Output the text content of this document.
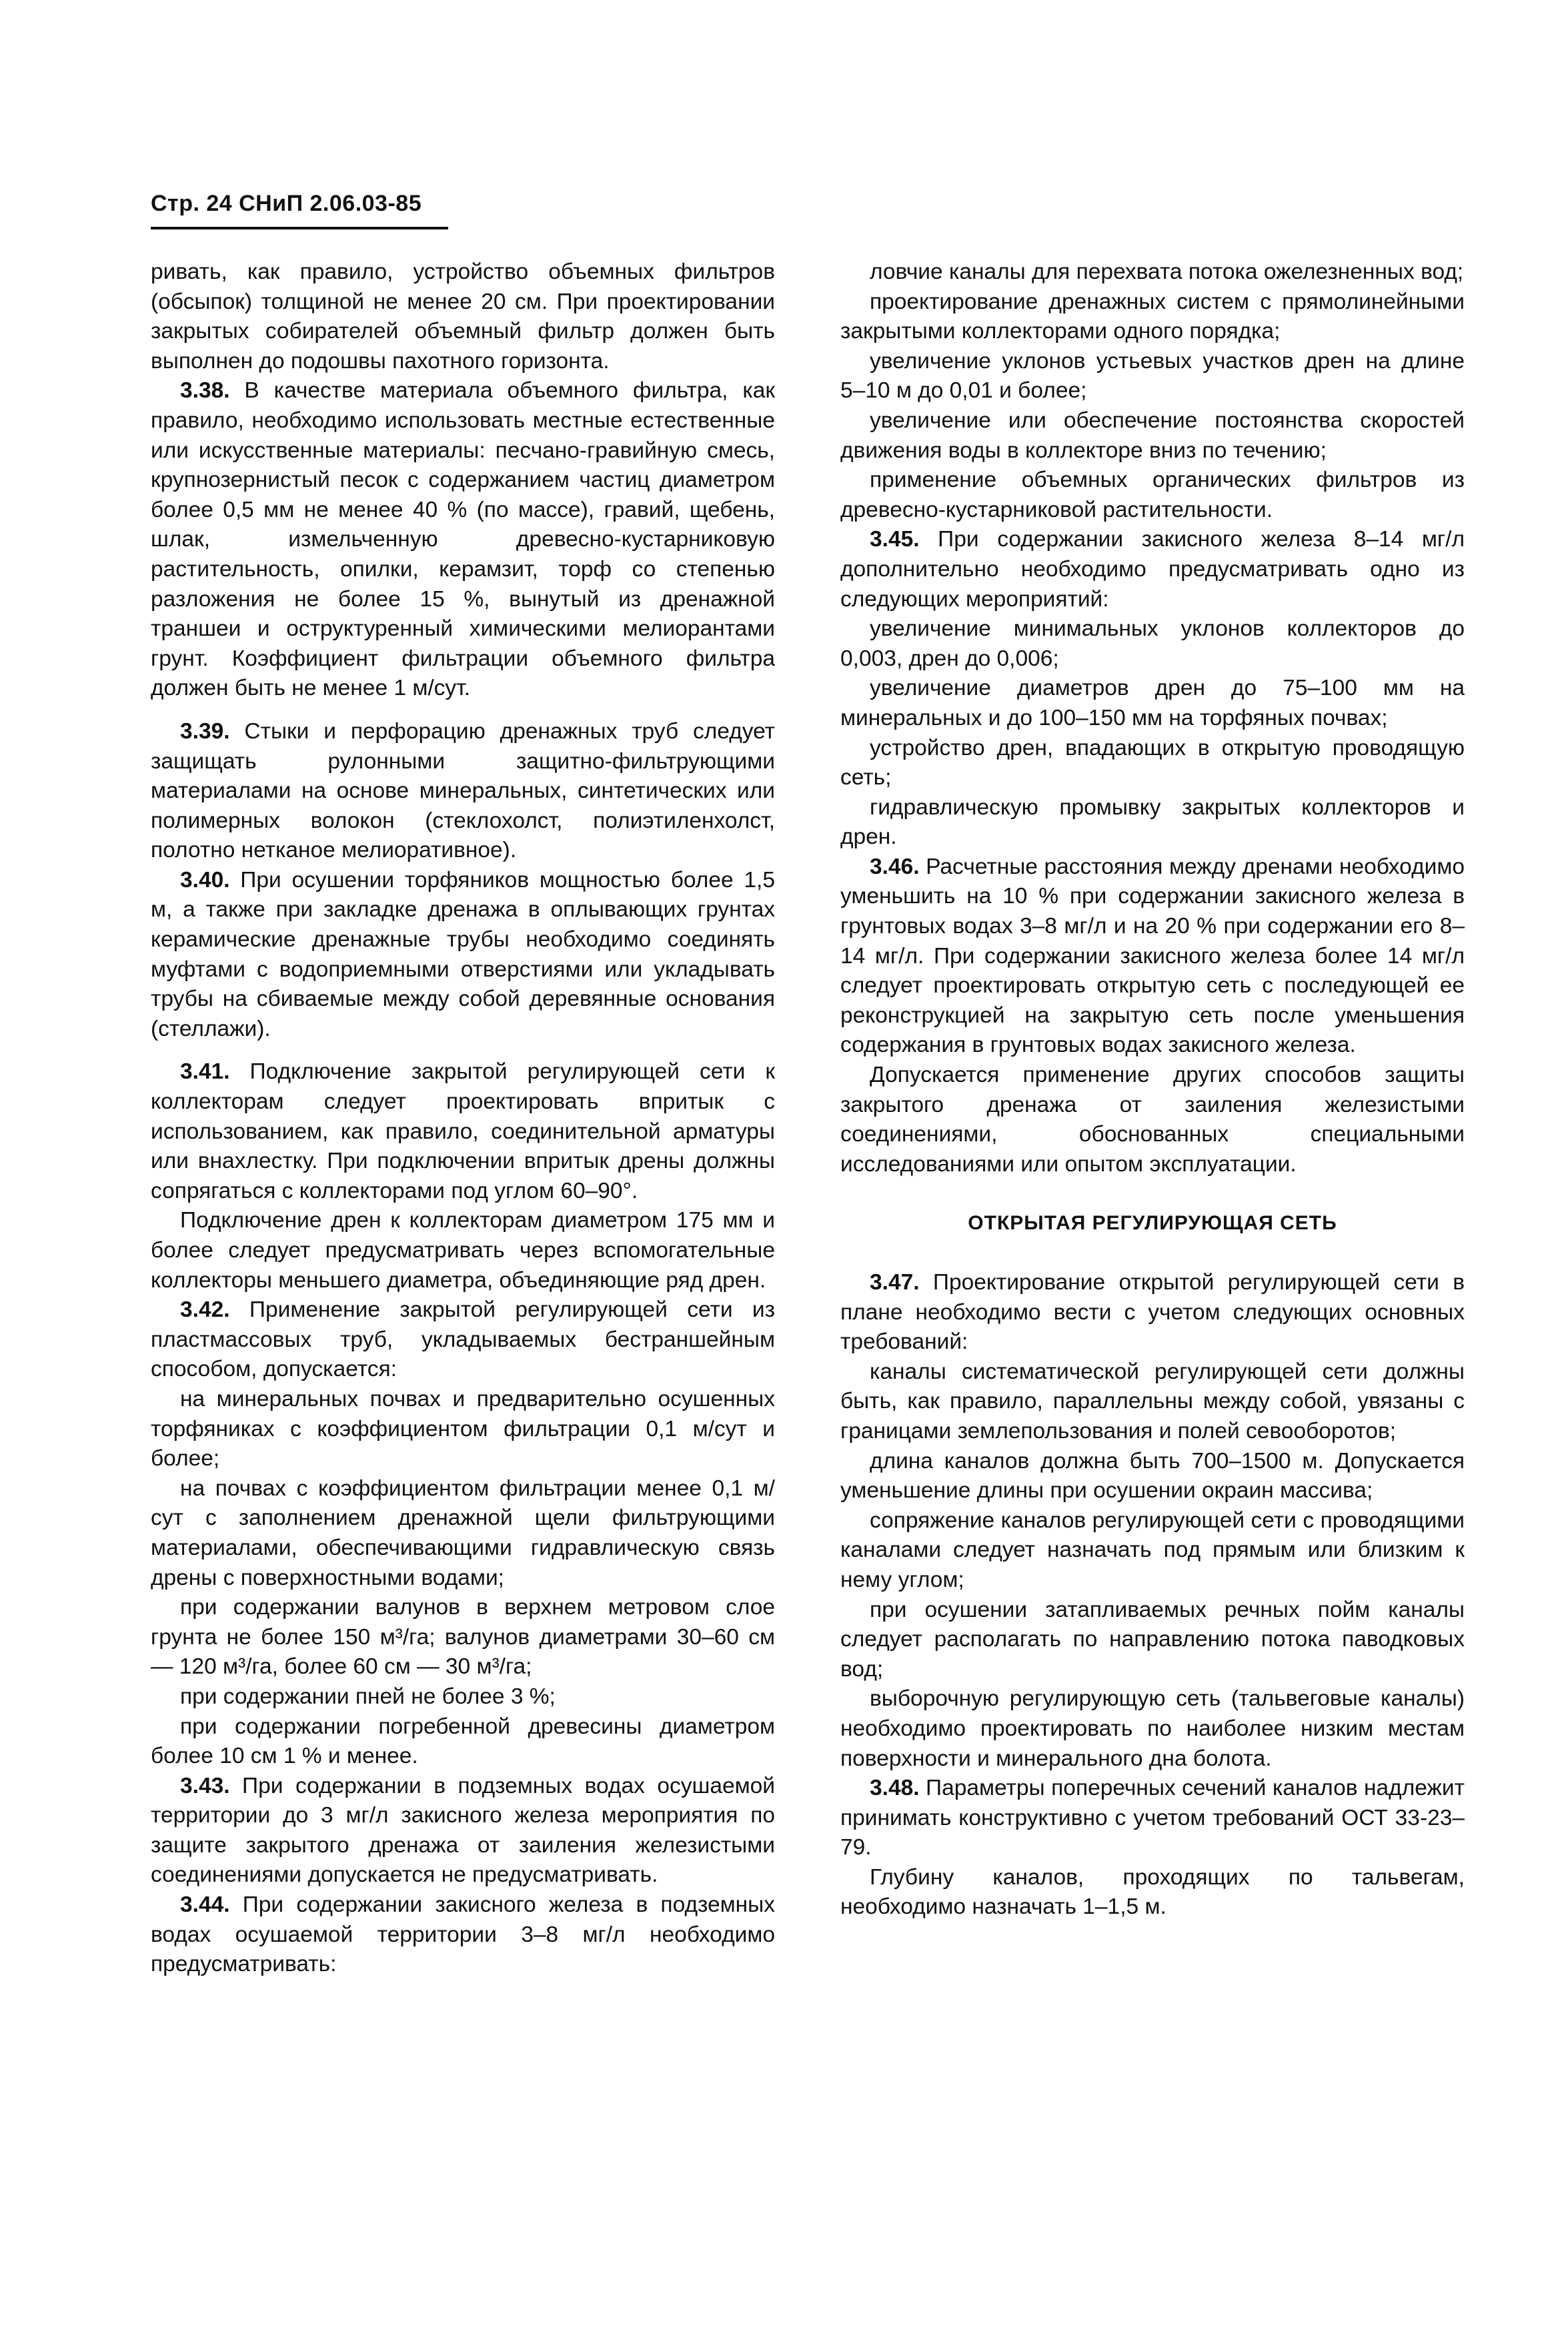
Стр. 24 СНиП 2.06.03-85

ривать, как правило, устройство объемных фильтров (обсыпок) толщиной не менее 20 см. При проектировании закрытых собирателей объемный фильтр должен быть выполнен до подошвы пахотного горизонта.

3.38. В качестве материала объемного фильтра, как правило, необходимо использовать местные естественные или искусственные материалы: песчано-гравийную смесь, крупнозернистый песок с содержанием частиц диаметром более 0,5 мм не менее 40 % (по массе), гравий, щебень, шлак, измельченную древесно-кустарниковую растительность, опилки, керамзит, торф со степенью разложения не более 15 %, вынутый из дренажной траншеи и оструктуренный химическими мелиорантами грунт. Коэффициент фильтрации объемного фильтра должен быть не менее 1 м/сут.

3.39. Стыки и перфорацию дренажных труб следует защищать рулонными защитно-фильтрующими материалами на основе минеральных, синтетических или полимерных волокон (стеклохолст, полиэтиленхолст, полотно нетканое мелиоративное).

3.40. При осушении торфяников мощностью более 1,5 м, а также при закладке дренажа в оплывающих грунтах керамические дренажные трубы необходимо соединять муфтами с водоприемными отверстиями или укладывать трубы на сбиваемые между собой деревянные основания (стеллажи).

3.41. Подключение закрытой регулирующей сети к коллекторам следует проектировать впритык с использованием, как правило, соединительной арматуры или внахлестку. При подключении впритык дрены должны сопрягаться с коллекторами под углом 60–90°.

Подключение дрен к коллекторам диаметром 175 мм и более следует предусматривать через вспомогательные коллекторы меньшего диаметра, объединяющие ряд дрен.

3.42. Применение закрытой регулирующей сети из пластмассовых труб, укладываемых бестраншейным способом, допускается:

на минеральных почвах и предварительно осушенных торфяниках с коэффициентом фильтрации 0,1 м/сут и более;

на почвах с коэффициентом фильтрации менее 0,1 м/сут с заполнением дренажной щели фильтрующими материалами, обеспечивающими гидравлическую связь дрены с поверхностными водами;

при содержании валунов в верхнем метровом слое грунта не более 150 м³/га; валунов диаметрами 30–60 см — 120 м³/га, более 60 см — 30 м³/га;

при содержании пней не более 3 %;

при содержании погребенной древесины диаметром более 10 см 1 % и менее.

3.43. При содержании в подземных водах осушаемой территории до 3 мг/л закисного железа мероприятия по защите закрытого дренажа от заиления железистыми соединениями допускается не предусматривать.

3.44. При содержании закисного железа в подземных водах осушаемой территории 3–8 мг/л необходимо предусматривать:

ловчие каналы для перехвата потока ожелезненных вод;

проектирование дренажных систем с прямолинейными закрытыми коллекторами одного порядка;

увеличение уклонов устьевых участков дрен на длине 5–10 м до 0,01 и более;

увеличение или обеспечение постоянства скоростей движения воды в коллекторе вниз по течению;

применение объемных органических фильтров из древесно-кустарниковой растительности.

3.45. При содержании закисного железа 8–14 мг/л дополнительно необходимо предусматривать одно из следующих мероприятий:

увеличение минимальных уклонов коллекторов до 0,003, дрен до 0,006;

увеличение диаметров дрен до 75–100 мм на минеральных и до 100–150 мм на торфяных почвах;

устройство дрен, впадающих в открытую проводящую сеть;

гидравлическую промывку закрытых коллекторов и дрен.

3.46. Расчетные расстояния между дренами необходимо уменьшить на 10 % при содержании закисного железа в грунтовых водах 3–8 мг/л и на 20 % при содержании его 8–14 мг/л. При содержании закисного железа более 14 мг/л следует проектировать открытую сеть с последующей ее реконструкцией на закрытую сеть после уменьшения содержания в грунтовых водах закисного железа.

Допускается применение других способов защиты закрытого дренажа от заиления железистыми соединениями, обоснованных специальными исследованиями или опытом эксплуатации.

ОТКРЫТАЯ РЕГУЛИРУЮЩАЯ СЕТЬ

3.47. Проектирование открытой регулирующей сети в плане необходимо вести с учетом следующих основных требований:

каналы систематической регулирующей сети должны быть, как правило, параллельны между собой, увязаны с границами землепользования и полей севооборотов;

длина каналов должна быть 700–1500 м. Допускается уменьшение длины при осушении окраин массива;

сопряжение каналов регулирующей сети с проводящими каналами следует назначать под прямым или близким к нему углом;

при осушении затапливаемых речных пойм каналы следует располагать по направлению потока паводковых вод;

выборочную регулирующую сеть (тальвеговые каналы) необходимо проектировать по наиболее низким местам поверхности и минерального дна болота.

3.48. Параметры поперечных сечений каналов надлежит принимать конструктивно с учетом требований ОСТ 33-23–79.

Глубину каналов, проходящих по тальвегам, необходимо назначать 1–1,5 м.
